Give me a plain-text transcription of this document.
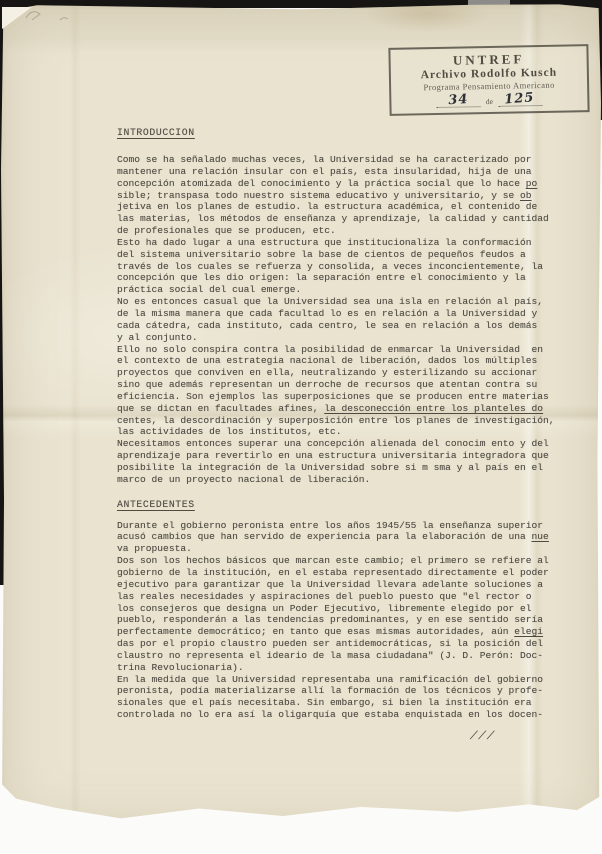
UNTREF
Archivo Rodolfo Kusch
Programa Pensamiento Americano
34	de 125
INTRODUCCION
Como se ha señalado muchas veces, la Universidad se ha caracterizado por
mantener una relación insular con el país, esta insularidad, hija de una
concepción atomizada del conocimiento y la práctica social que lo hace po
sible; transpasa todo nuestro sistema educativo y universitario, y se ob
jetiva en los planes de estudio. la estructura académica, el contenido de
las materias, los métodos de enseñanza y aprendizaje, la calidad y cantidad
de profesionales que se producen, etc.
Esto ha dado lugar a una estructura que institucionaliza la conformación
del sistema universitario sobre la base de cientos de pequeños feudos a
través de los cuales se refuerza y consolida, a veces inconcientemente, la
concepción que les dio origen: la separación entre el conocimiento y la
práctica social del cual emerge.
No es entonces casual que la Universidad sea una isla en relación al país,
de la misma manera que cada facultad lo es en relación a la Universidad y
cada cátedra, cada instituto, cada centro, le sea en relación a los demás
y al conjunto.
Ello no solo conspira contra la posibilidad de enmarcar la Universidad  en
el contexto de una estrategia nacional de liberación, dados los múltiples
proyectos que conviven en ella, neutralizando y esterilizando su accionar
sino que además representan un derroche de recursos que atentan contra su
eficiencia. Son ejemplos las superposiciones que se producen entre materias
que se dictan en facultades afines, la desconección entre los planteles do
centes, la descordinación y superposición entre los planes de investigación,
las actividades de los institutos, etc.
Necesitamos entonces superar una concepción alienada del conocim ento y del
aprendizaje para revertirlo en una estructura universitaria integradora que
posibilite la integración de la Universidad sobre si m sma y al país en el
marco de un proyecto nacional de liberación.
ANTECEDENTES
Durante el gobierno peronista entre los años 1945/55 la enseñanza superior
acusó cambios que han servido de experiencia para la elaboración de una nue
va propuesta.
Dos son los hechos básicos que marcan este cambio; el primero se refiere al
gobierno de la institución, en el estaba representado directamente el poder
ejecutivo para garantizar que la Universidad llevara adelante soluciones a
las reales necesidades y aspiraciones del pueblo puesto que "el rector o
los consejeros que designa un Poder Ejecutivo, libremente elegido por el
pueblo, responderán a las tendencias predominantes, y en ese sentido sería
perfectamente democrático; en tanto que esas mismas autoridades, aún elegi
das por el propio claustro pueden ser antidemocráticas, si la posición del
claustro no representa el ideario de la masa ciudadana" (J. D. Perón: Doc-
trina Revolucionaria).
En la medida que la Universidad representaba una ramificación del gobierno
peronista, podía materializarse allí la formación de los técnicos y profe-
sionales que el país necesitaba. Sin embargo, si bien la institución era
controlada no lo era así la oligarquía que estaba enquistada en los docen-
///
